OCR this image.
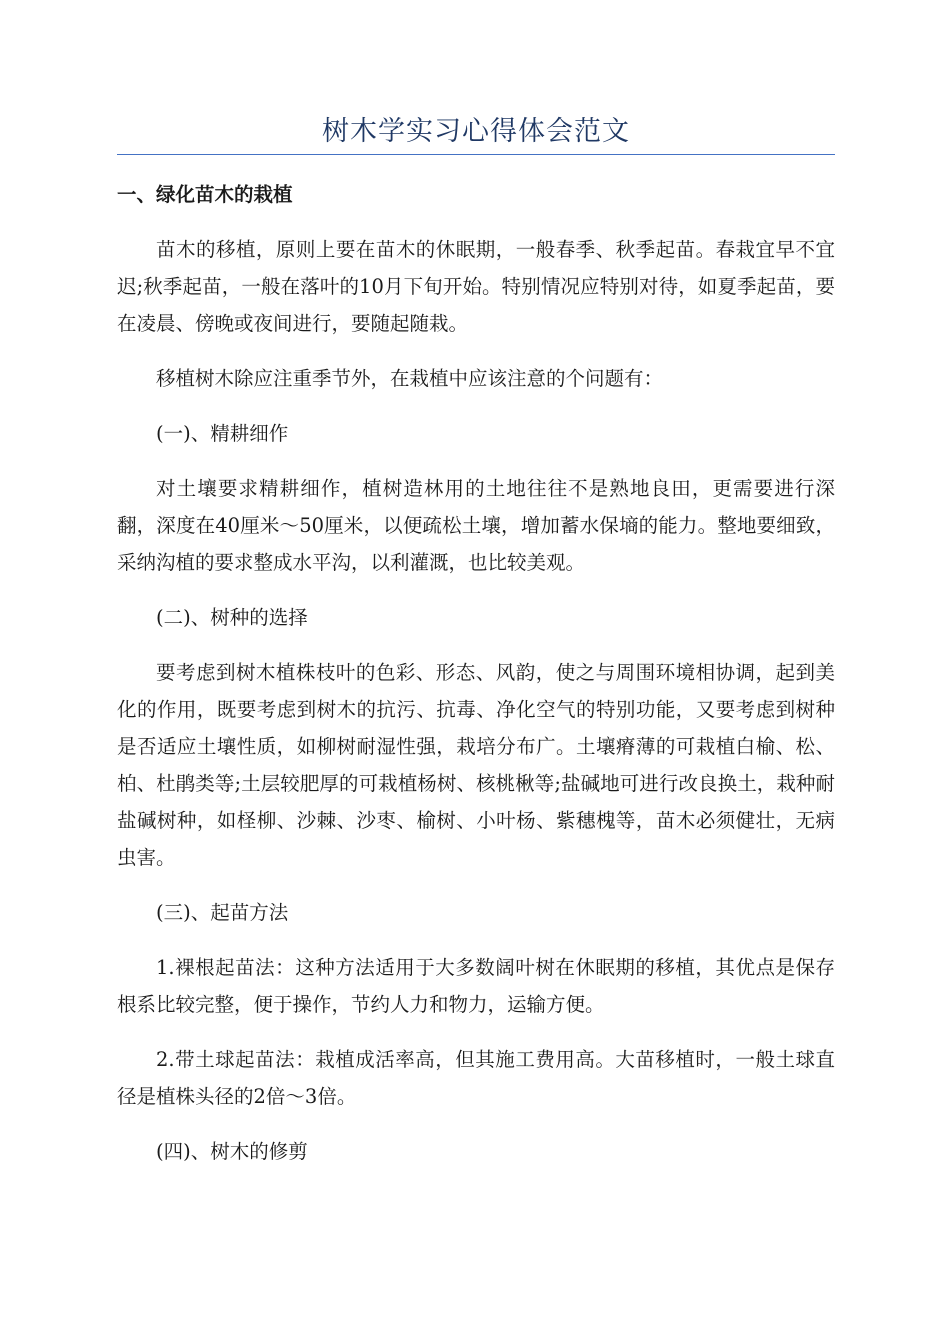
树木学实习心得体会范文
一、绿化苗木的栽植

苗木的移植，原则上要在苗木的休眠期，一般春季、秋季起苗。春栽宜早不宜迟;秋季起苗，一般在落叶的10月下旬开始。特别情况应特别对待，如夏季起苗，要在凌晨、傍晚或夜间进行，要随起随栽。

移植树木除应注重季节外，在栽植中应该注意的个问题有：

(一)、精耕细作

对土壤要求精耕细作，植树造林用的土地往往不是熟地良田，更需要进行深翻，深度在40厘米～50厘米，以便疏松土壤，增加蓄水保墒的能力。整地要细致，采纳沟植的要求整成水平沟，以利灌溉，也比较美观。

(二)、树种的选择

要考虑到树木植株枝叶的色彩、形态、风韵，使之与周围环境相协调，起到美化的作用，既要考虑到树木的抗污、抗毒、净化空气的特别功能，又要考虑到树种是否适应土壤性质，如柳树耐湿性强，栽培分布广。土壤瘠薄的可栽植白榆、松、柏、杜鹃类等;土层较肥厚的可栽植杨树、核桃楸等;盐碱地可进行改良换土，栽种耐盐碱树种，如柽柳、沙棘、沙枣、榆树、小叶杨、紫穗槐等，苗木必须健壮，无病虫害。

(三)、起苗方法

1.裸根起苗法：这种方法适用于大多数阔叶树在休眠期的移植，其优点是保存根系比较完整，便于操作，节约人力和物力，运输方便。

2.带土球起苗法：栽植成活率高，但其施工费用高。大苗移植时，一般土球直径是植株头径的2倍～3倍。

(四)、树木的修剪
